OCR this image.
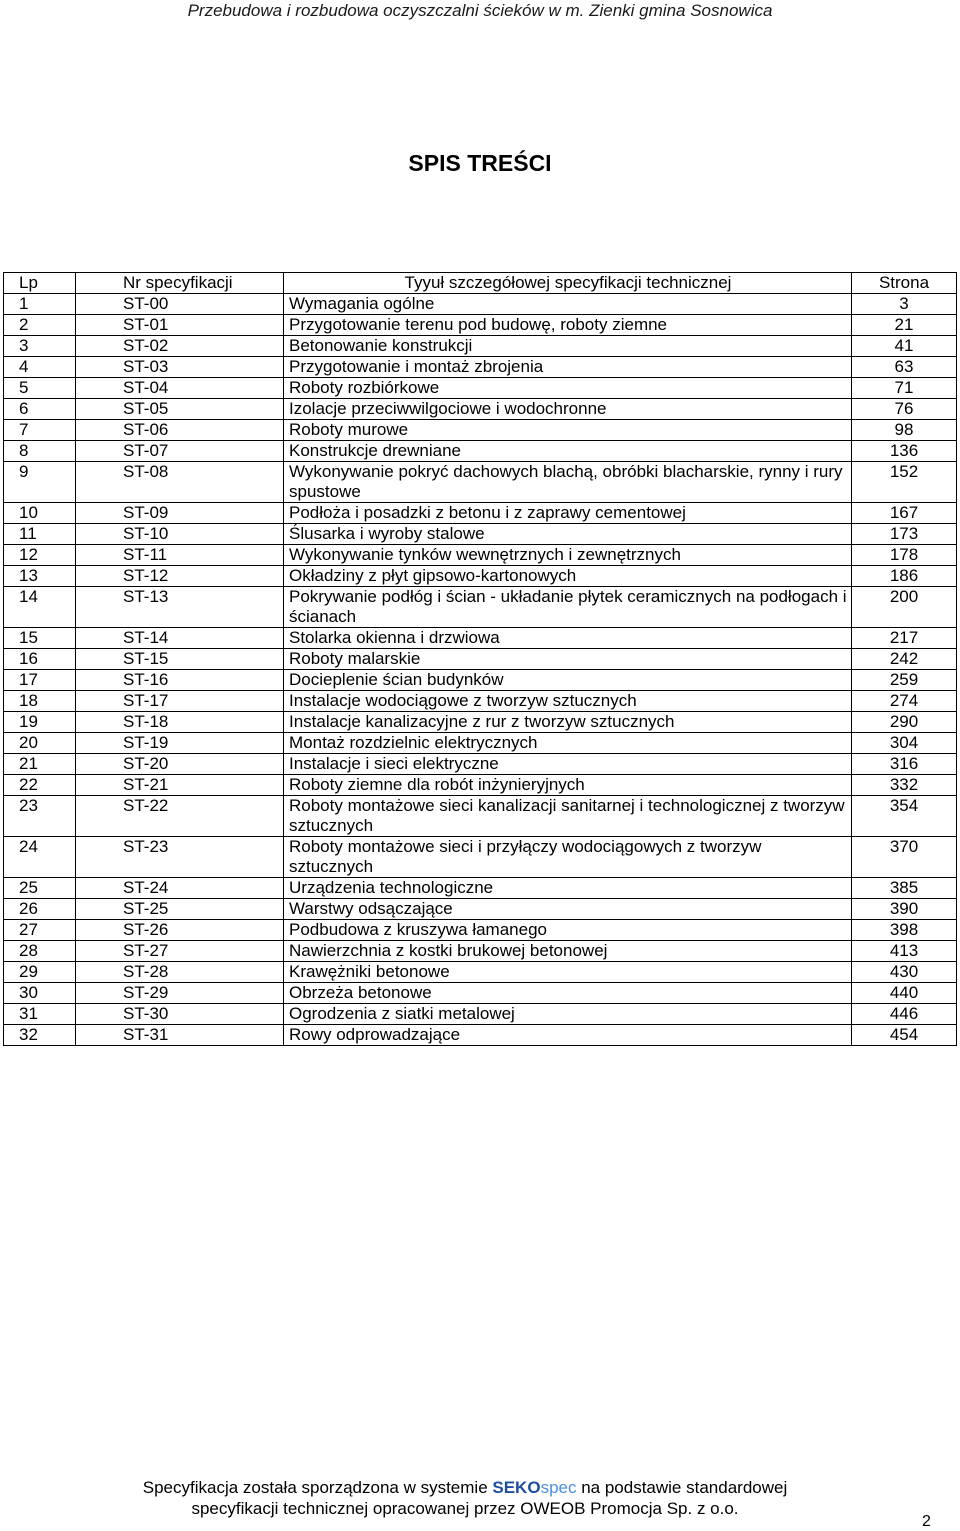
Przebudowa i rozbudowa oczyszczalni ścieków w m. Zienki gmina Sosnowica
SPIS TREŚCI
Lp	Nr specyfikacji	Tyyuł szczegółowej specyfikacji technicznej	Strona
1	ST-00	Wymagania ogólne	3
2	ST-01	Przygotowanie terenu pod budowę, roboty ziemne	21
3	ST-02	Betonowanie konstrukcji	41
4	ST-03	Przygotowanie i montaż zbrojenia	63
5	ST-04	Roboty rozbiórkowe	71
6	ST-05	Izolacje przeciwwilgociowe i wodochronne	76
7	ST-06	Roboty murowe	98
8	ST-07	Konstrukcje drewniane	136
9	ST-08	Wykonywanie pokryć dachowych blachą, obróbki blacharskie, rynny i rury spustowe	152
10	ST-09	Podłoża i posadzki z betonu i z zaprawy cementowej	167
11	ST-10	Ślusarka i wyroby stalowe	173
12	ST-11	Wykonywanie tynków wewnętrznych i zewnętrznych	178
13	ST-12	Okładziny z płyt gipsowo-kartonowych	186
14	ST-13	Pokrywanie podłóg i ścian - układanie płytek ceramicznych na podłogach i ścianach	200
15	ST-14	Stolarka okienna i drzwiowa	217
16	ST-15	Roboty malarskie	242
17	ST-16	Docieplenie ścian budynków	259
18	ST-17	Instalacje wodociągowe z tworzyw sztucznych	274
19	ST-18	Instalacje kanalizacyjne z rur z tworzyw sztucznych	290
20	ST-19	Montaż rozdzielnic elektrycznych	304
21	ST-20	Instalacje i sieci elektryczne	316
22	ST-21	Roboty ziemne dla robót inżynieryjnych	332
23	ST-22	Roboty montażowe sieci kanalizacji sanitarnej i technologicznej z tworzyw sztucznych	354
24	ST-23	Roboty montażowe sieci i przyłączy wodociągowych z tworzyw sztucznych	370
25	ST-24	Urządzenia technologiczne	385
26	ST-25	Warstwy odsączające	390
27	ST-26	Podbudowa z kruszywa łamanego	398
28	ST-27	Nawierzchnia z kostki brukowej betonowej	413
29	ST-28	Krawężniki betonowe	430
30	ST-29	Obrzeża betonowe	440
31	ST-30	Ogrodzenia z siatki metalowej	446
32	ST-31	Rowy odprowadzające	454
Specyfikacja została sporządzona w systemie SEKOspec na podstawie standardowej
specyfikacji technicznej opracowanej przez OWEOB Promocja Sp. z o.o.
2
